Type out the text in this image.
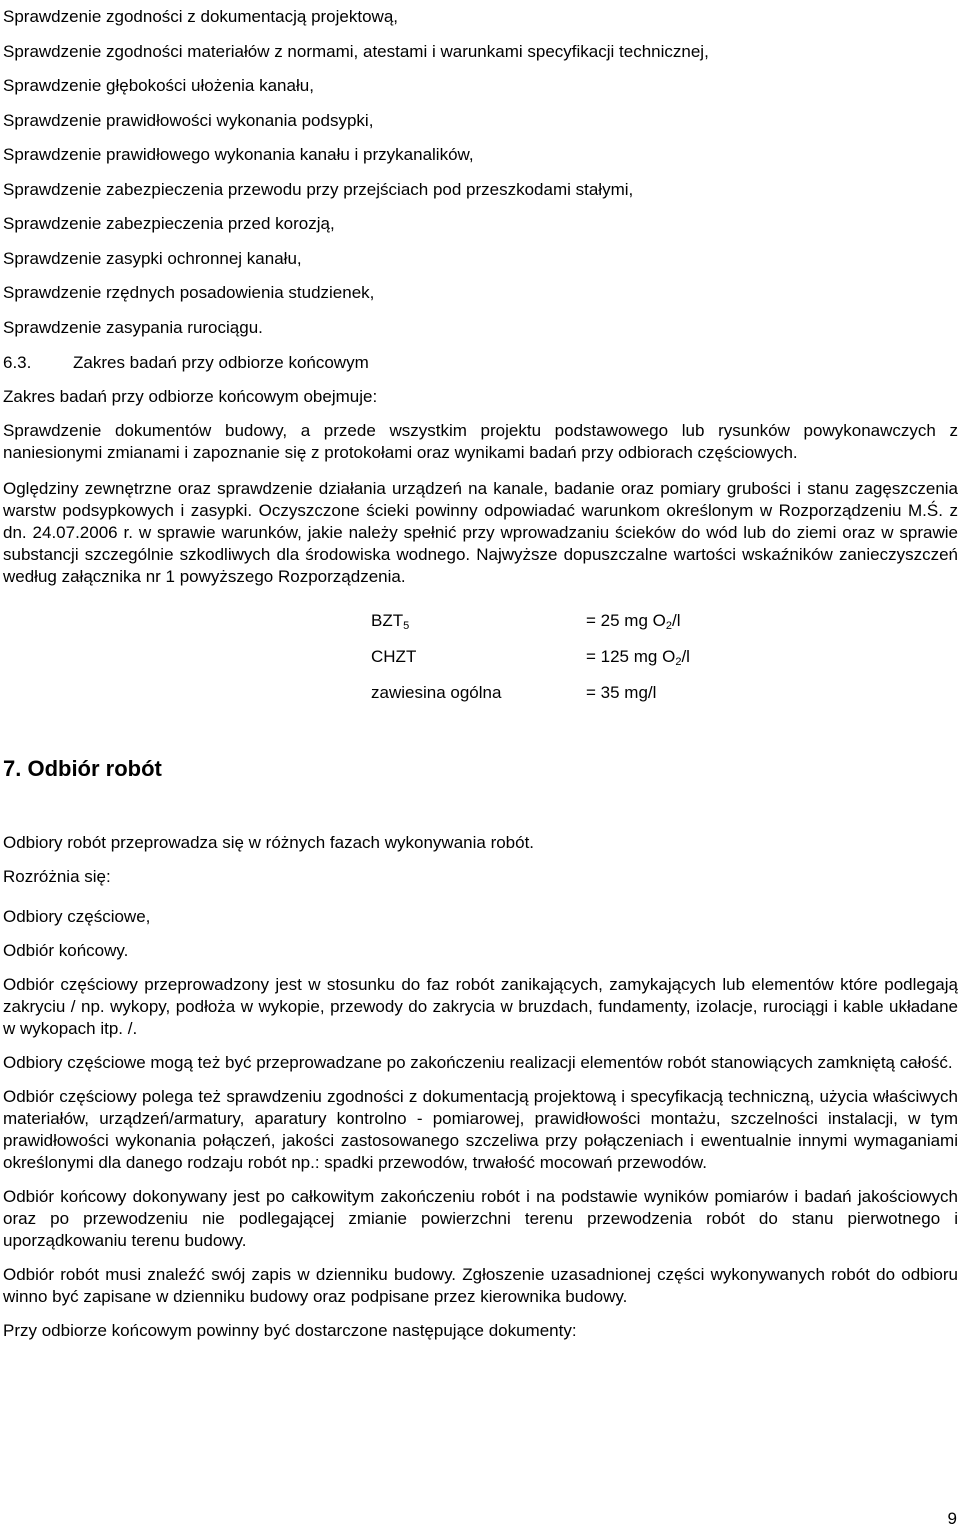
Sprawdzenie zgodności z dokumentacją projektową,
Sprawdzenie zgodności materiałów z normami, atestami i warunkami specyfikacji technicznej,
Sprawdzenie głębokości ułożenia kanału,
Sprawdzenie prawidłowości wykonania podsypki,
Sprawdzenie prawidłowego wykonania kanału i przykanalików,
Sprawdzenie zabezpieczenia przewodu przy przejściach pod przeszkodami stałymi,
Sprawdzenie zabezpieczenia przed korozją,
Sprawdzenie zasypki ochronnej kanału,
Sprawdzenie rzędnych posadowienia studzienek,
Sprawdzenie zasypania rurociągu.
6.3. Zakres badań przy odbiorze końcowym

Zakres badań przy odbiorze końcowym obejmuje:

Sprawdzenie dokumentów budowy, a przede wszystkim projektu podstawowego lub rysunków powykonawczych z naniesionymi zmianami i zapoznanie się z protokołami oraz wynikami badań przy odbiorach częściowych.

Oględziny zewnętrzne oraz sprawdzenie działania urządzeń na kanale, badanie oraz pomiary grubości i stanu zagęszczenia warstw podsypkowych i zasypki. Oczyszczone ścieki powinny odpowiadać warunkom określonym w Rozporządzeniu M.Ś. z dn. 24.07.2006 r. w sprawie warunków, jakie należy spełnić przy wprowadzaniu ścieków do wód lub do ziemi oraz w sprawie substancji szczególnie szkodliwych dla środowiska wodnego. Najwyższe dopuszczalne wartości wskaźników zanieczyszczeń według załącznika nr 1 powyższego Rozporządzenia.

$BZT_5$	= 25 mg $O_2/l$
CHZT	= 125 mg $O_2/l$
zawiesina ogólna	= 35 mg/l
7. Odbiór robót

Odbiory robót przeprowadza się w różnych fazach wykonywania robót.

Rozróżnia się:

Odbiory częściowe,

Odbiór końcowy.

Odbiór częściowy przeprowadzony jest w stosunku do faz robót zanikających, zamykających lub elementów które podlegają zakryciu / np. wykopy, podłoża w wykopie, przewody do zakrycia w bruzdach, fundamenty, izolacje, rurociągi i kable układane w wykopach itp. /.

Odbiory częściowe mogą też być przeprowadzane po zakończeniu realizacji elementów robót stanowiących zamkniętą całość.

Odbiór częściowy polega też sprawdzeniu zgodności z dokumentacją projektową i specyfikacją techniczną, użycia właściwych materiałów, urządzeń/armatury, aparatury kontrolno - pomiarowej, prawidłowości montażu, szczelności instalacji, w tym prawidłowości wykonania połączeń, jakości zastosowanego szczeliwa przy połączeniach i ewentualnie innymi wymaganiami określonymi dla danego rodzaju robót np.: spadki przewodów, trwałość mocowań przewodów.

Odbiór końcowy dokonywany jest po całkowitym zakończeniu robót i na podstawie wyników pomiarów i badań jakościowych oraz po przewodzeniu nie podlegającej zmianie powierzchni terenu przewodzenia robót do stanu pierwotnego i uporządkowaniu terenu budowy.

Odbiór robót musi znaleźć swój zapis w dzienniku budowy. Zgłoszenie uzasadnionej części wykonywanych robót do odbioru winno być zapisane w dzienniku budowy oraz podpisane przez kierownika budowy.

Przy odbiorze końcowym powinny być dostarczone następujące dokumenty:

9
